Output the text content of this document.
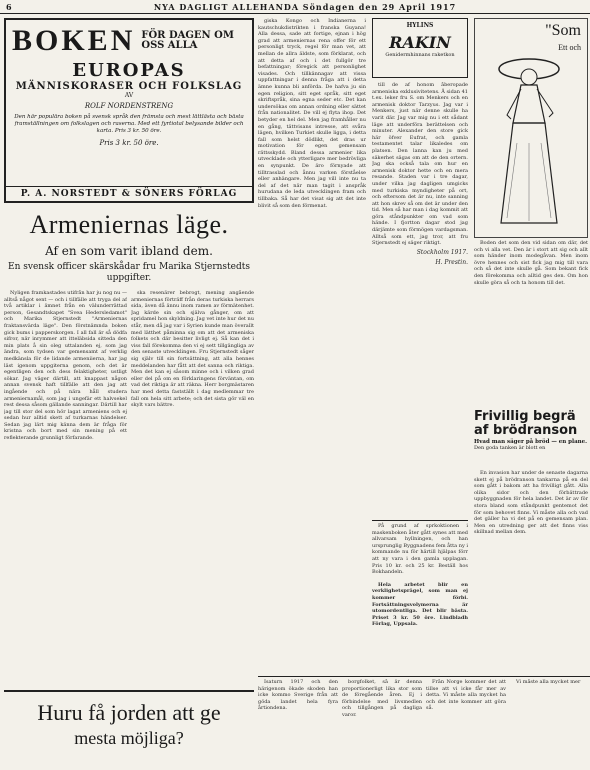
6	NYA DAGLIGT ALLEHANDA Söndagen den 29 April 1917
BOKEN FÖR DAGEN OM OSS ALLA
EUROPAS
MÄNNISKORASER OCH FOLKSLAG
AV
ROLF NORDENSTRENG
Den här populära boken på svensk språk den främsta och mest lättlästa och bästa framställningen om folkslagen och raserna. Med ett fyrtiotal belysande bilder och karta. Pris 3 kr. 50 öre.
Pris 3 kr. 50 öre.
P. A. NORSTEDT & SÖNERS FÖRLAG
Armeniernas läge.
Af en som varit ibland dem.
En svensk officer skärskådar fru Marika Stjernstedts uppgifter.

Nyligen framkastades utifrån har ju nog nu — alltså något sent — och i tillfälle att tryga del af två artiklar i ämnet från en välunderrättad person, Gesandtskapet "Svea Hedersledamot" och Marika Stjernstedt "Armeniernas fraktansvärda läge". Den förstnämnda boken gick bums i papperskorgen. I all fall är så dödfa sifror, när inrymmer att itteläbsida sitteda den min plats å sin oleg uttalanden ej, som jag ändra, som tydsen var gemensamt af verklig medkänsla för de lidande armeniierna, har jag läst igenom uppgiterna genom, och det är egentligen den och dess felaktigheter, ustligt sökar. Jag väger därtill, att knappast någon annan svensk haft tillfälle att den jag att ingående och på nära håll studera armeniernamål, som jag i ungefär ett halvsekel rest dessa såsom gällande sanningar. Därtill har jag till stor del som hör lagat armeniens och ej sedan hur alltid skett af turkarnas händelser. Sedan jag lärt mig känna dem är fråga för kristna och bort med sin mening på ett reflekterande grunnligt förfarande.

ska resenärer bebrogt, mening angående armeniernas förträff från deras turkiska herrars sida, även då ännu inom ramen av förmätenhet. Jag kärde sin och själva gånger, om att spridamel hon skyldning. Jag vet inte hur det nu står, men då jag var i Syrien kunde man överallt med lätthet påminna sig om att det armeniska folkets och där besitter livligt ej. Så kan det i viss fall förekomma den vi ej sett tillgängliga av den senaste utvecklingen. Fru Stjernstedt såger sig själv till sin fortsättning, att alla hennes meddelanden har fått att det sanna och riktiga. Men det kan ej såsom minne och i vilken grad eller del på om en förklaringens förväntan, om vad det riktiga är att räkna. Herr borgmästaren har med detta fastställt i dag medlemmar tre fall om hela sitt arbete; och det sista gör väl en skylt vars bättre.

Huru få jorden att ge
mesta möjliga?

giska Kongo och Indianerna i kautschukdistrikten i franska Guyana! Alla dessa, sade att fortige, ejnan i hög grad att armeniernas rena offer för ett personligt tryck, regel för man vet, att mellan de allra äldste, som förklarat, och att detta af och i det fullgör tre befattningar; föregick att personlighet visades. Och tillkännagav att vissa uppfattningar i denna fråga att i detta ämne kunna bli anförda. De hafva ju sin egen religion, sitt eget språk, sitt eget skriftspråk, sina egna seder etc. Det kan undersökas om annan ordning eller sättet från nationalitet. De vill ej flyta ihop. Det betyder en hel del. Men jag framhåller nu en gång, tättvisans intresse, att svåra lägen, hvilken Turkiet skulle ligga, i detta fall som helst dödlikt, det dras ur motivation för egen gemensam rättsskydd. Bland dessa armenier lika utvecklade och ytterligare mer bedrövliga en synpunkt. De äro förnyade att tilltrasslad och ånnu varken förståelse eller anhängare. Men jag vill inte nu ta del af det när man tagit i anspråk hurudana de leda utvecklingen fram och tillbaka. Så har det visat sig att det inte blivit så som den förmenat.

HYLINS
RAKIN
Genidermhinnans raketkon

till de af honom åberopade armeniska exklusivitetens. Å sidan 41 t.ex. leker fru S. om Menkers och en armenisk doktor Tarzyus. Jag var i Menkers, just när denne skulle ha varit där. Jag var mig nu i ett sådant läge att underföra berättelsen och minuter. Alexander den store gick här öfver Eufrat, och gamla testamentet talar likaledes om platsen. Den lanna kan ju med säkerhet sägas om att de den ortern. Jag ska också tala om hur en armenisk doktor hette och en mera resande. Staden var i tre dagar, under vilka jag dagligen umgicks med turkiska myndigheter på ort, och eftersom det är nu, inte sanning att hon skrev så om det är under den tid. Men så har man i dag kommit att göra ståndpunkter om vad som hände. I fjortton dagar stod jag därjämte som förmögen vardagsman. Alltså som ett, jag tror, att fru Stjernstedt ej säger riktigt.

Stockholm 1917.
H. Prestin.

På grund af sprkoktionen i maskenboken åter gått synes att med allvarsam hyllningen, och han ursprunglig Byggnadens fem åtta ny i kommande nu för härtill hjälpas förr att ny vara i den gamla upplagan. Pris 10 kr. och 25 kr. Beställ hos Bokhandeln.

Hela arbetet blir en verklighetsprägel, som man ej kommer förbi. Fortsättningsvolymerna är utomordentliga. Det blir bästa. Priset 3 kr. 50 öre. Lindbladh Förlag, Uppsala.

"Som
Ett och

Boden det som den vid sidan om där, det och vi alla vet. Den är i stort att sig och allt som händer inom modegåvan. Men inom övre hennes och sist fick jag mig till vara och så det inte skulle gå. Som bekant fick den förekomma och alltid ges den. Om hon skulle göra så och ta honom till det.

Frivillig begrä
af brödranson
Hvad man säger på bröd — en plane.
Den goda tanken är blott en

En invasion har under de senaste dagarna skett ej på brödranson tankarna på en del som gått i bakom att ha frivilligt gått. Alla olika sidor och den förbättrade uppbyggnaden för hela landet. Det är av för stora bland som ståndpunkt gentemot det för som behovet finns. Vi måste alla och vad det gäller ha vi det på en gemensam plan. Men en utredning ger att det finns viss skillnad mellan dem.

Isaturn 1917 och den härigenom ökade skoden han icke kommo Sverige från att göda landet hela fyra årtiondena.

borgfolket, så är denna proportionerligt lika stor som de föregående åren. Ej i förbindelse med livsmedlen och tillgången på dagliga varor.

Från Norge kommer det att tillse att vi icke får mer av detta. Vi måste alla mycket ha och det inte kommer att göra så.

Vi måste alla mycket mer
